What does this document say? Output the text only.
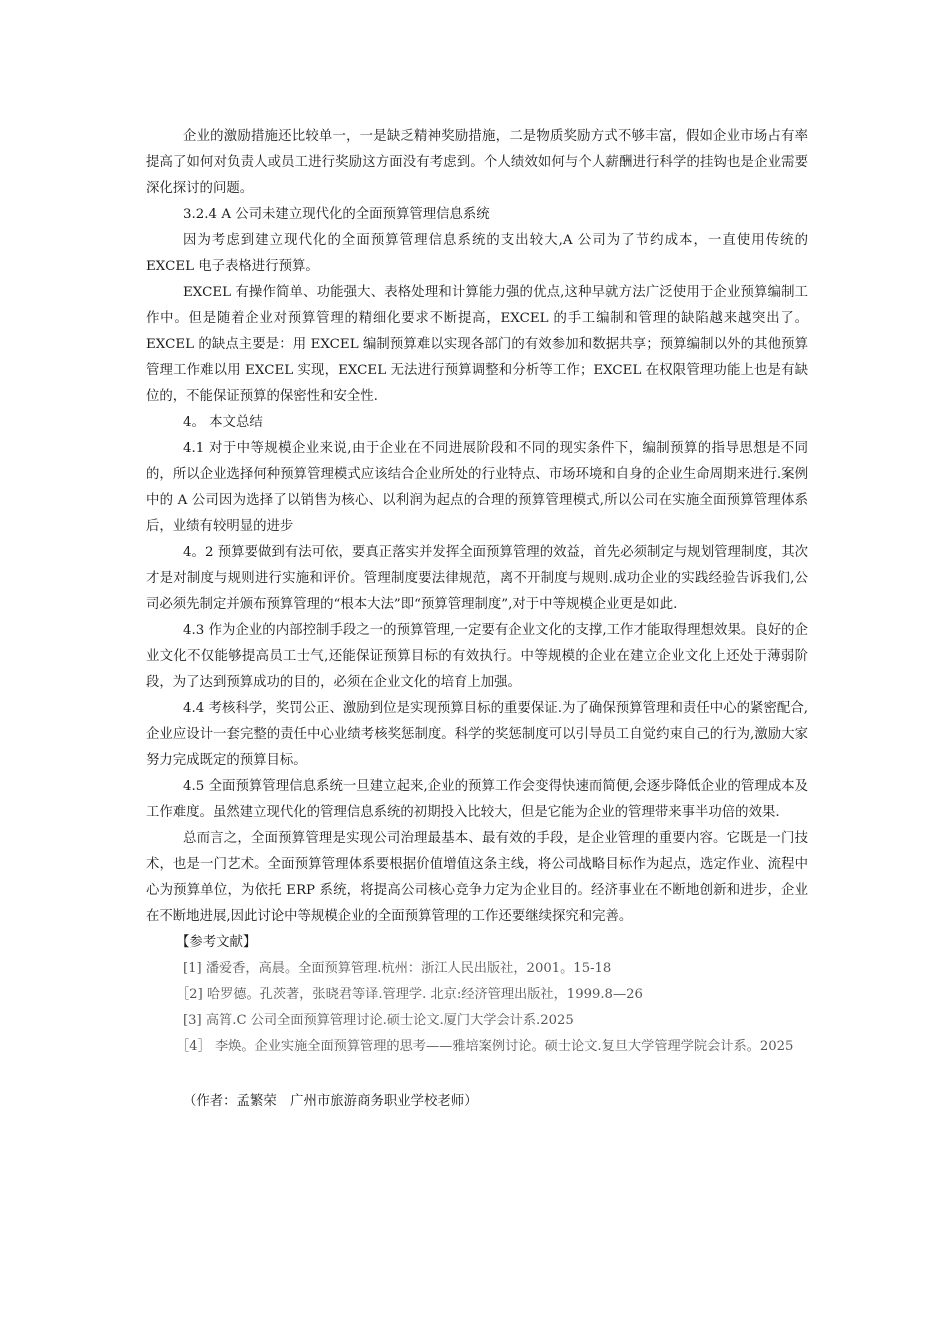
企业的激励措施还比较单一，一是缺乏精神奖励措施，二是物质奖励方式不够丰富，假如企业市场占有率提高了如何对负责人或员工进行奖励这方面没有考虑到。个人绩效如何与个人薪酬进行科学的挂钩也是企业需要深化探讨的问题。

3.2.4 A 公司未建立现代化的全面预算管理信息系统

因为考虑到建立现代化的全面预算管理信息系统的支出较大,A 公司为了节约成本，一直使用传统的 EXCEL 电子表格进行预算。

EXCEL 有操作简单、功能强大、表格处理和计算能力强的优点,这种早就方法广泛使用于企业预算编制工作中。但是随着企业对预算管理的精细化要求不断提高，EXCEL 的手工编制和管理的缺陷越来越突出了。EXCEL 的缺点主要是：用 EXCEL 编制预算难以实现各部门的有效参加和数据共享；预算编制以外的其他预算管理工作难以用 EXCEL 实现，EXCEL 无法进行预算调整和分析等工作；EXCEL 在权限管理功能上也是有缺位的，不能保证预算的保密性和安全性.

4。 本文总结

4.1 对于中等规模企业来说,由于企业在不同进展阶段和不同的现实条件下，编制预算的指导思想是不同的，所以企业选择何种预算管理模式应该结合企业所处的行业特点、市场环境和自身的企业生命周期来进行.案例中的 A 公司因为选择了以销售为核心、以利润为起点的合理的预算管理模式,所以公司在实施全面预算管理体系后，业绩有较明显的进步

4。2 预算要做到有法可依，要真正落实并发挥全面预算管理的效益，首先必须制定与规划管理制度，其次才是对制度与规则进行实施和评价。管理制度要法律规范，离不开制度与规则.成功企业的实践经验告诉我们,公司必须先制定并颁布预算管理的“根本大法”即“预算管理制度”,对于中等规模企业更是如此.

4.3 作为企业的内部控制手段之一的预算管理,一定要有企业文化的支撑,工作才能取得理想效果。良好的企业文化不仅能够提高员工士气,还能保证预算目标的有效执行。中等规模的企业在建立企业文化上还处于薄弱阶段，为了达到预算成功的目的，必须在企业文化的培育上加强。

4.4 考核科学，奖罚公正、激励到位是实现预算目标的重要保证.为了确保预算管理和责任中心的紧密配合,企业应设计一套完整的责任中心业绩考核奖惩制度。科学的奖惩制度可以引导员工自觉约束自己的行为,激励大家努力完成既定的预算目标。

4.5 全面预算管理信息系统一旦建立起来,企业的预算工作会变得快速而简便,会逐步降低企业的管理成本及工作难度。虽然建立现代化的管理信息系统的初期投入比较大，但是它能为企业的管理带来事半功倍的效果.

总而言之，全面预算管理是实现公司治理最基本、最有效的手段，是企业管理的重要内容。它既是一门技术，也是一门艺术。全面预算管理体系要根据价值增值这条主线，将公司战略目标作为起点，选定作业、流程中心为预算单位，为依托 ERP 系统，将提高公司核心竞争力定为企业目的。经济事业在不断地创新和进步，企业在不断地进展,因此讨论中等规模企业的全面预算管理的工作还要继续探究和完善。

【参考文献】

[1] 潘爱香，高晨。全面预算管理.杭州：浙江人民出版社，2001。15-18

［2] 哈罗德。孔茨著，张晓君等译.管理学. 北京:经济管理出版社，1999.8—26

[3] 高筲.C 公司全面预算管理讨论.硕士论文.厦门大学会计系.2025

［4］ 李焕。企业实施全面预算管理的思考——雅培案例讨论。硕士论文.复旦大学管理学院会计系。2025

（作者：孟繁荣　广州市旅游商务职业学校老师）
